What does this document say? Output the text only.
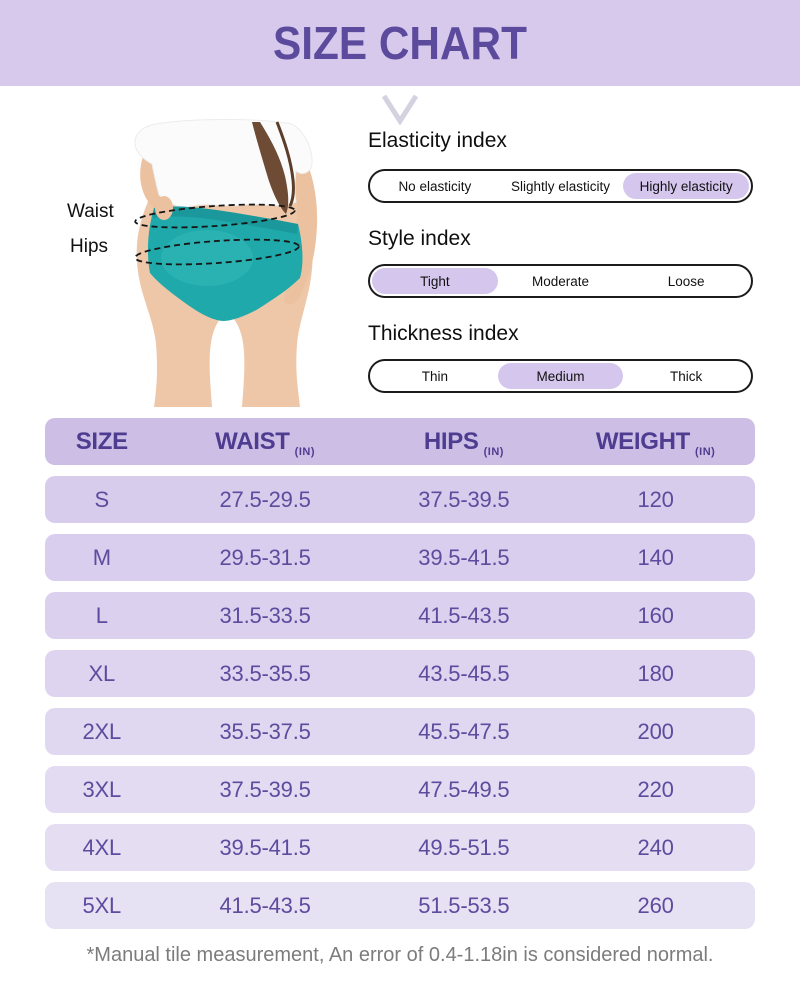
SIZE CHART
Waist
Hips
Elasticity index
No elasticity	Slightly elasticity	Highly elasticity
Style index
Tight	Moderate	Loose
Thickness index
Thin	Medium	Thick
SIZE	WAIST $_{(IN)}$	HIPS $_{(IN)}$	WEIGHT $_{(IN)}$
S	27.5-29.5	37.5-39.5	120
M	29.5-31.5	39.5-41.5	140
L	31.5-33.5	41.5-43.5	160
XL	33.5-35.5	43.5-45.5	180
2XL	35.5-37.5	45.5-47.5	200
3XL	37.5-39.5	47.5-49.5	220
4XL	39.5-41.5	49.5-51.5	240
5XL	41.5-43.5	51.5-53.5	260
*Manual tile measurement, An error of 0.4-1.18in is considered normal.
